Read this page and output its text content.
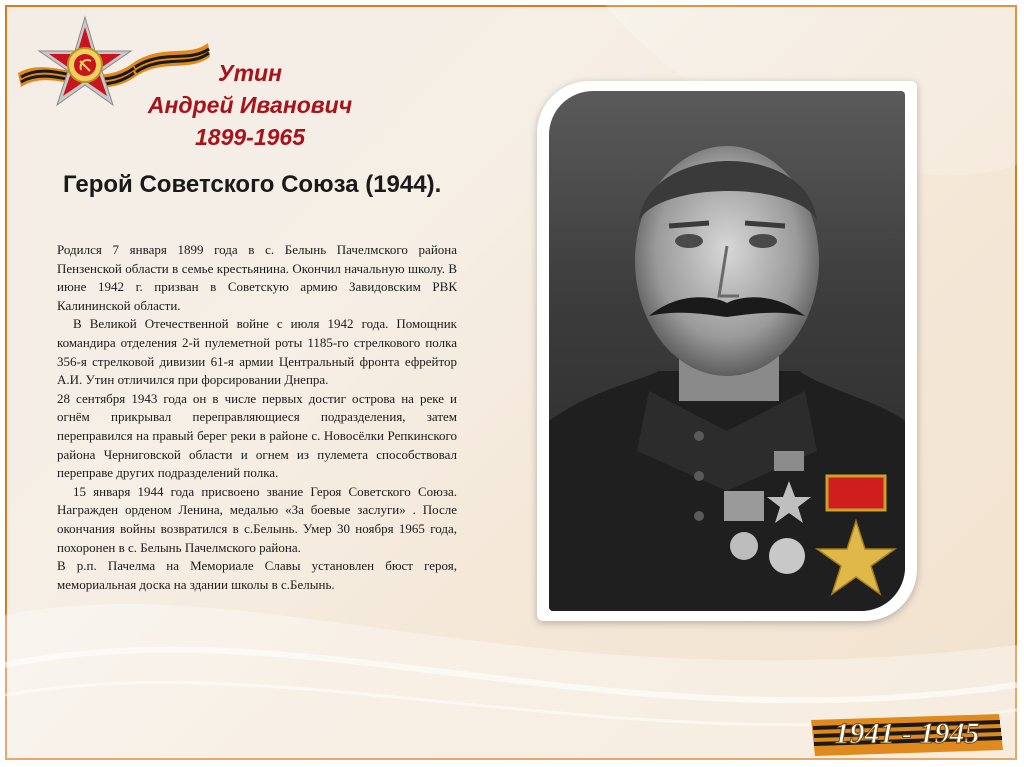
Утин
Андрей Иванович
1899-1965
Герой Советского Союза (1944).

Родился 7 января 1899 года в с. Белынь Пачелмского района Пензенской области в семье крестьянина. Окончил начальную школу. В июне 1942 г. призван в Советскую армию Завидовским РВК Калининской области.

В Великой Отечественной войне с июля 1942 года. Помощник командира отделения 2-й пулеметной роты 1185-го стрелкового полка 356-я стрелковой дивизии 61-я армии Центральный фронта ефрейтор А.И. Утин отличился при форсировании Днепра.

28 сентября 1943 года он в числе первых достиг острова на реке и огнём прикрывал переправляющиеся подразделения, затем переправился на правый берег реки в районе с. Новосёлки Репкинского района Черниговской области и огнем из пулемета способствовал переправе других подразделений полка.

15 января 1944 года присвоено звание Героя Советского Союза. Награжден орденом Ленина, медалью «За боевые заслуги» . После окончания войны возвратился в с.Белынь. Умер 30 ноября 1965 года, похоронен в с. Белынь Пачелмского района.

В р.п. Пачелма на Мемориале Славы установлен бюст героя, мемориальная доска на здании школы в с.Белынь.

1941 - 1945
